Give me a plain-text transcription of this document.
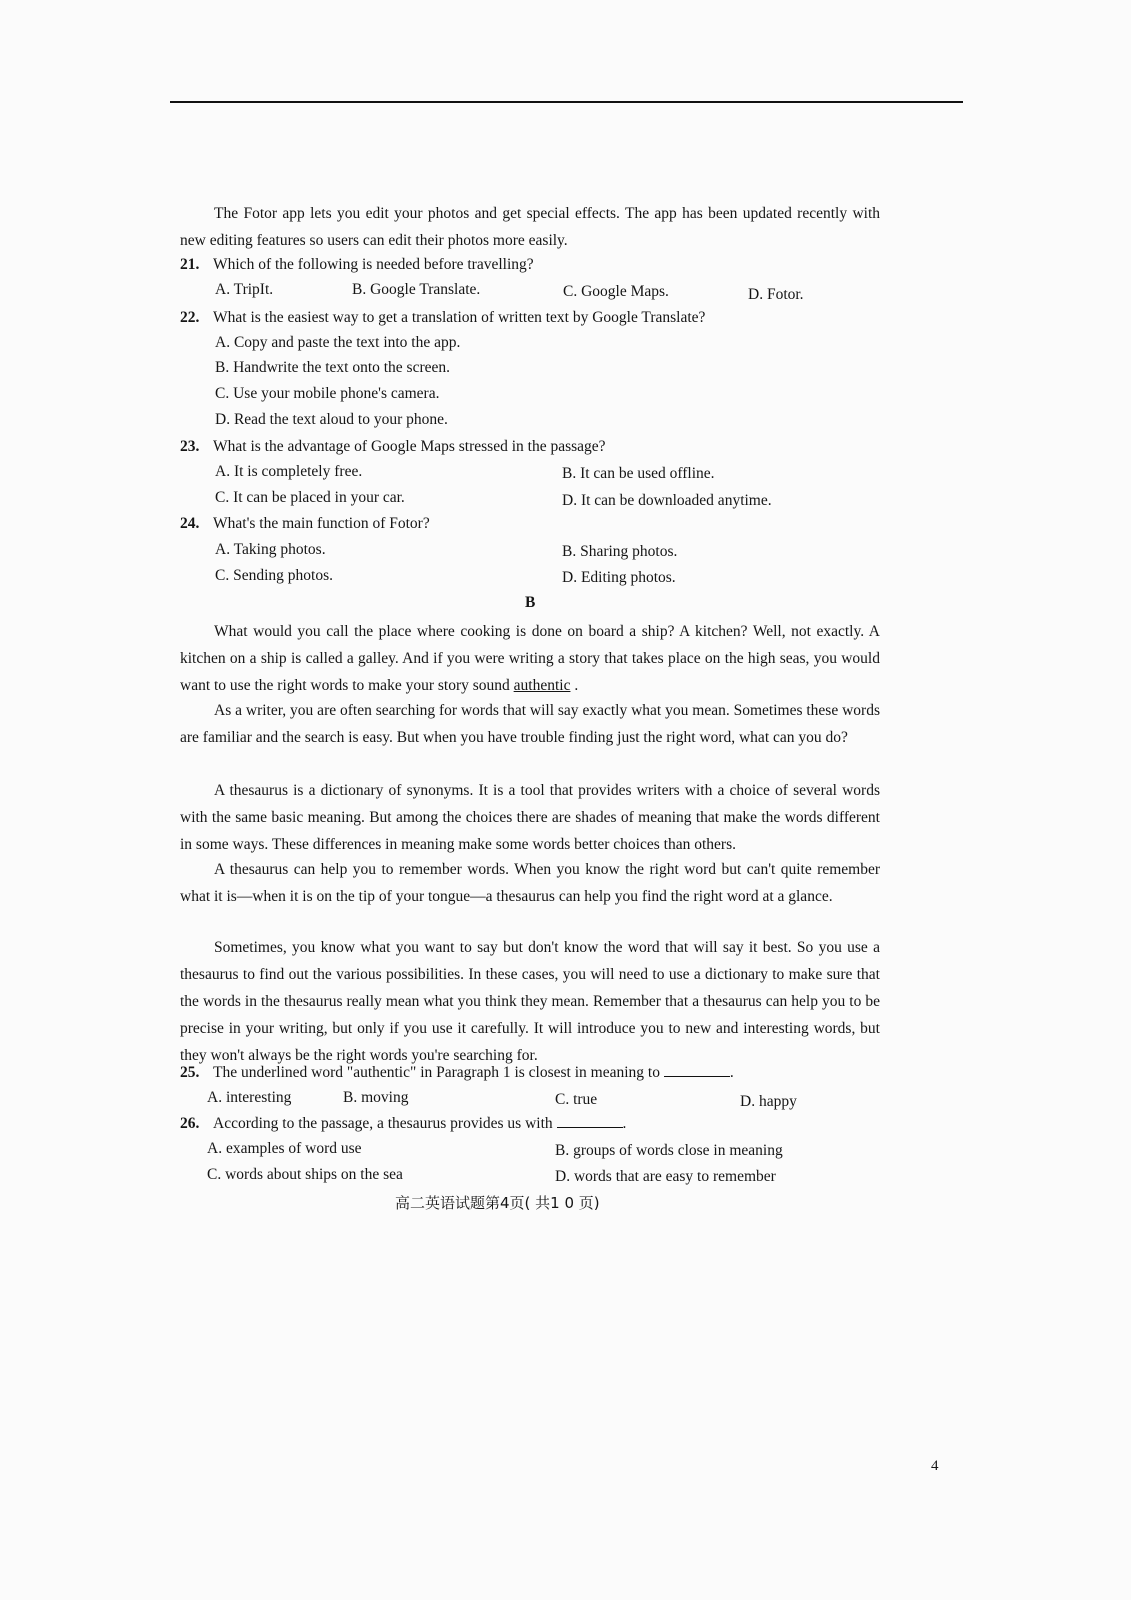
The Fotor app lets you edit your photos and get special effects. The app has been updated recently with new editing features so users can edit their photos more easily.
21. Which of the following is needed before travelling?
A. TripIt.	B. Google Translate.	C. Google Maps.	D. Fotor.
22. What is the easiest way to get a translation of written text by Google Translate?
A. Copy and paste the text into the app.
B. Handwrite the text onto the screen.
C. Use your mobile phone's camera.
D. Read the text aloud to your phone.
23. What is the advantage of Google Maps stressed in the passage?
A. It is completely free.	B. It can be used offline.
C. It can be placed in your car.	D. It can be downloaded anytime.
24. What's the main function of Fotor?
A. Taking photos.	B. Sharing photos.
C. Sending photos.	D. Editing photos.
B
What would you call the place where cooking is done on board a ship? A kitchen? Well, not exactly. A kitchen on a ship is called a galley. And if you were writing a story that takes place on the high seas, you would want to use the right words to make your story sound authentic .
As a writer, you are often searching for words that will say exactly what you mean. Sometimes these words are familiar and the search is easy. But when you have trouble finding just the right word, what can you do?
A thesaurus is a dictionary of synonyms. It is a tool that provides writers with a choice of several words with the same basic meaning. But among the choices there are shades of meaning that make the words different in some ways. These differences in meaning make some words better choices than others.
A thesaurus can help you to remember words. When you know the right word but can't quite remember what it is—when it is on the tip of your tongue—a thesaurus can help you find the right word at a glance.
Sometimes, you know what you want to say but don't know the word that will say it best. So you use a thesaurus to find out the various possibilities. In these cases, you will need to use a dictionary to make sure that the words in the thesaurus really mean what you think they mean. Remember that a thesaurus can help you to be precise in your writing, but only if you use it carefully. It will introduce you to new and interesting words, but they won't always be the right words you're searching for.
25. The underlined word "authentic" in Paragraph 1 is closest in meaning to	.
A. interesting	B. moving	C. true	D. happy
26. According to the passage, a thesaurus provides us with	.
A. examples of word use	B. groups of words close in meaning
C. words about ships on the sea	D. words that are easy to remember
高二英语试题第4页( 共1 0 页)
4
